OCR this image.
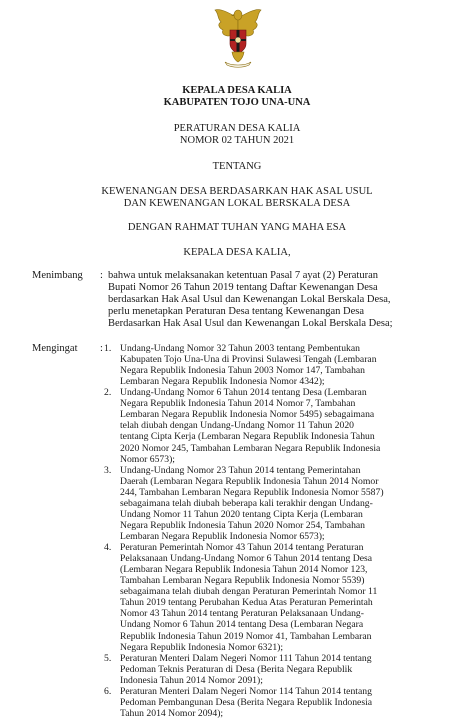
KEPALA DESA KALIA
KABUPATEN TOJO UNA-UNA
PERATURAN DESA KALIA
NOMOR 02 TAHUN 2021
TENTANG
KEWENANGAN DESA BERDASARKAN HAK ASAL USUL
DAN KEWENANGAN LOKAL BERSKALA DESA
DENGAN RAHMAT TUHAN YANG MAHA ESA
KEPALA DESA KALIA,
Menimbang : bahwa untuk melaksanakan ketentuan Pasal 7 ayat (2) Peraturan
Bupati Nomor 26 Tahun 2019 tentang Daftar Kewenangan Desa
berdasarkan Hak Asal Usul dan Kewenangan Lokal Berskala Desa,
perlu menetapkan Peraturan Desa tentang Kewenangan Desa
Berdasarkan Hak Asal Usul dan Kewenangan Lokal Berskala Desa;
Mengingat : 1. Undang-Undang Nomor 32 Tahun 2003 tentang Pembentukan
Kabupaten Tojo Una-Una di Provinsi Sulawesi Tengah (Lembaran
Negara Republik Indonesia Tahun 2003 Nomor 147, Tambahan
Lembaran Negara Republik Indonesia Nomor 4342);
2. Undang-Undang Nomor 6 Tahun 2014 tentang Desa (Lembaran
Negara Republik Indonesia Tahun 2014 Nomor 7, Tambahan
Lembaran Negara Republik Indonesia Nomor 5495) sebagaimana
telah diubah dengan Undang-Undang Nomor 11 Tahun 2020
tentang Cipta Kerja (Lembaran Negara Republik Indonesia Tahun
2020 Nomor 245, Tambahan Lembaran Negara Republik Indonesia
Nomor 6573);
3. Undang-Undang Nomor 23 Tahun 2014 tentang Pemerintahan
Daerah (Lembaran Negara Republik Indonesia Tahun 2014 Nomor
244, Tambahan Lembaran Negara Republik Indonesia Nomor 5587)
sebagaimana telah diubah beberapa kali terakhir dengan Undang-
Undang Nomor 11 Tahun 2020 tentang Cipta Kerja (Lembaran
Negara Republik Indonesia Tahun 2020 Nomor 254, Tambahan
Lembaran Negara Republik Indonesia Nomor 6573);
4. Peraturan Pemerintah Nomor 43 Tahun 2014 tentang Peraturan
Pelaksanaan Undang-Undang Nomor 6 Tahun 2014 tentang Desa
(Lembaran Negara Republik Indonesia Tahun 2014 Nomor 123,
Tambahan Lembaran Negara Republik Indonesia Nomor 5539)
sebagaimana telah diubah dengan Peraturan Pemerintah Nomor 11
Tahun 2019 tentang Perubahan Kedua Atas Peraturan Pemerintah
Nomor 43 Tahun 2014 tentang Peraturan Pelaksanaan Undang-
Undang Nomor 6 Tahun 2014 tentang Desa (Lembaran Negara
Republik Indonesia Tahun 2019 Nomor 41, Tambahan Lembaran
Negara Republik Indonesia Nomor 6321);
5. Peraturan Menteri Dalam Negeri Nomor 111 Tahun 2014 tentang
Pedoman Teknis Peraturan di Desa (Berita Negara Republik
Indonesia Tahun 2014 Nomor 2091);
6. Peraturan Menteri Dalam Negeri Nomor 114 Tahun 2014 tentang
Pedoman Pembangunan Desa (Berita Negara Republik Indonesia
Tahun 2014 Nomor 2094);
